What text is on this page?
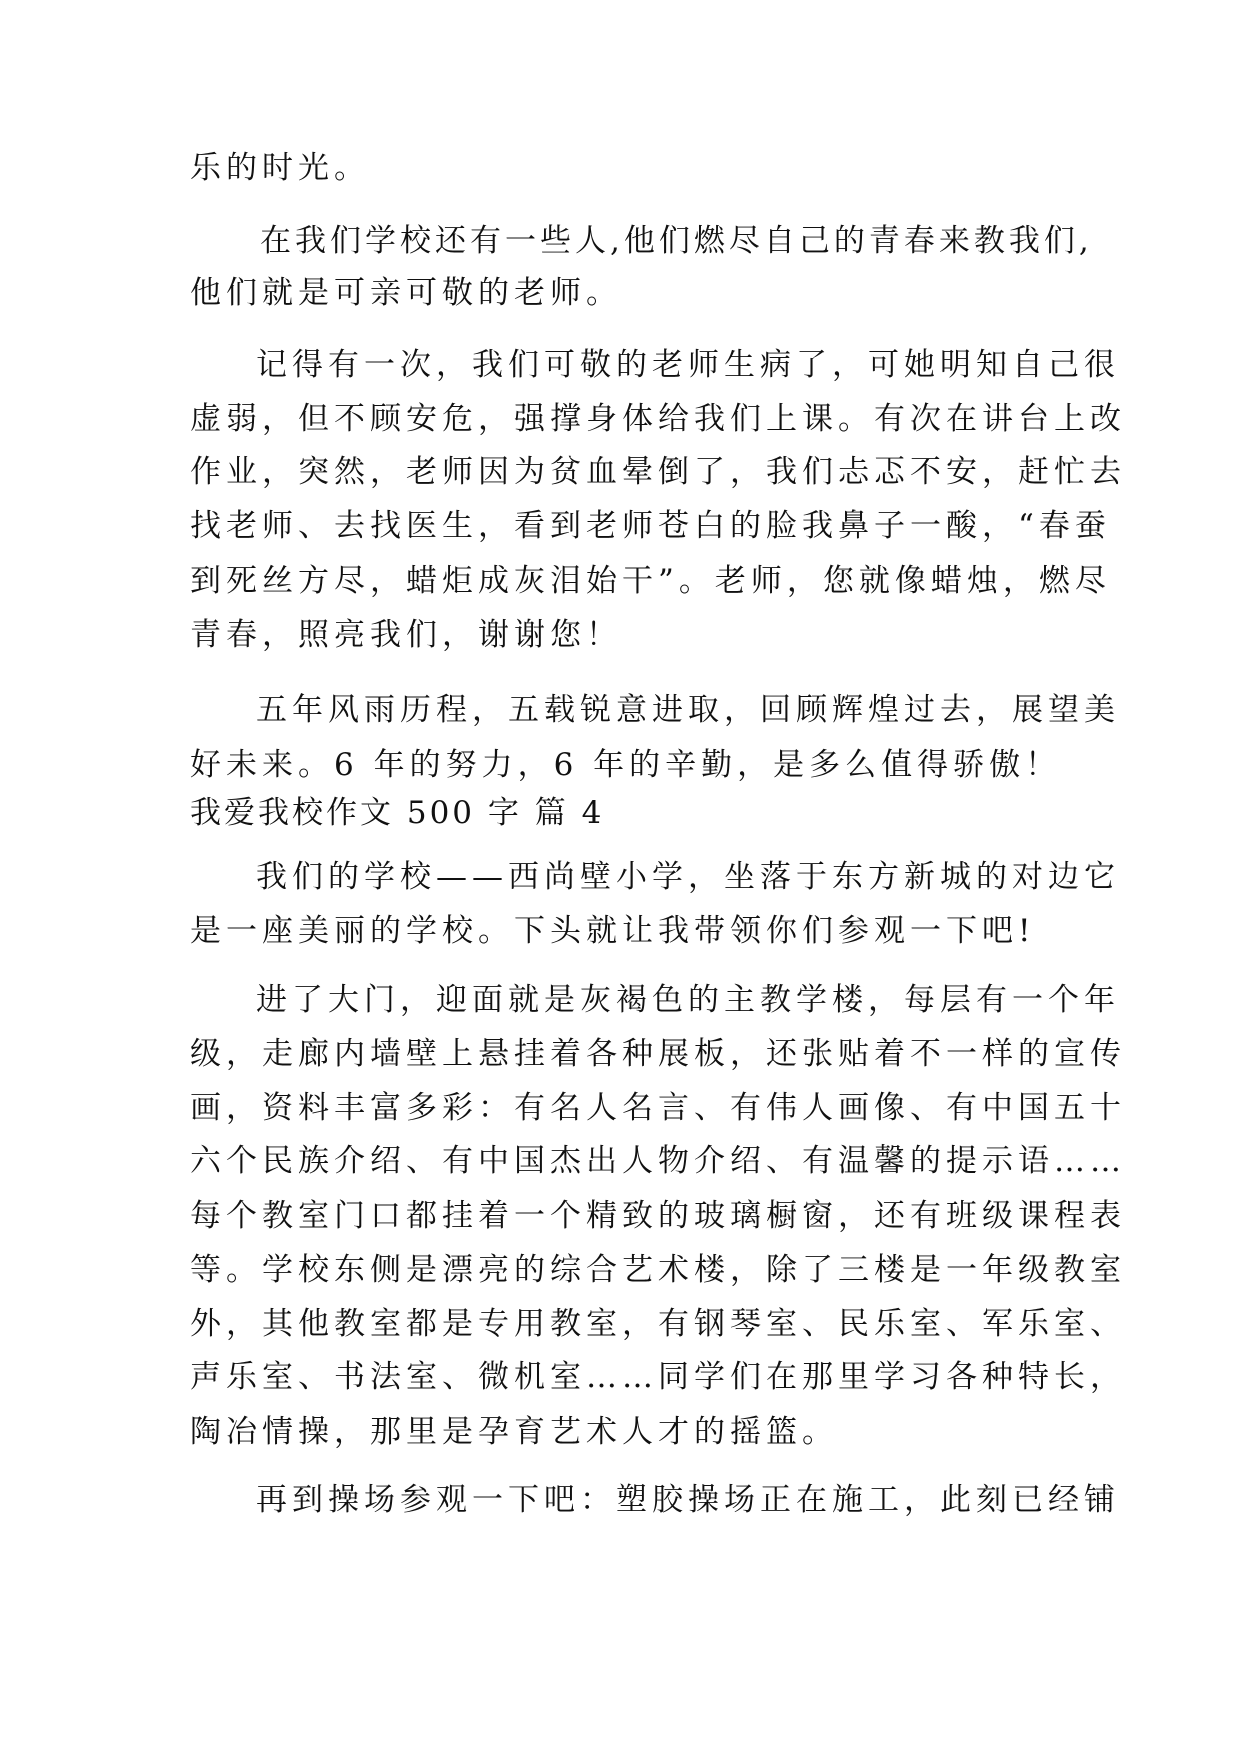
乐的时光。

在我们学校还有一些人,他们燃尽自己的青春来教我们,

他们就是可亲可敬的老师。

记得有一次，我们可敬的老师生病了，可她明知自己很

虚弱，但不顾安危，强撑身体给我们上课。有次在讲台上改

作业，突然，老师因为贫血晕倒了，我们忐忑不安，赶忙去

找老师、去找医生，看到老师苍白的脸我鼻子一酸，“春蚕

到死丝方尽，蜡炬成灰泪始干”。老师，您就像蜡烛，燃尽

青春，照亮我们，谢谢您！

五年风雨历程，五载锐意进取，回顾辉煌过去，展望美

好未来。6 年的努力，6 年的辛勤，是多么值得骄傲！

我爱我校作文 500 字 篇 4

我们的学校——西尚壁小学，坐落于东方新城的对边它

是一座美丽的学校。下头就让我带领你们参观一下吧!

进了大门，迎面就是灰褐色的主教学楼，每层有一个年

级，走廊内墙壁上悬挂着各种展板，还张贴着不一样的宣传

画，资料丰富多彩：有名人名言、有伟人画像、有中国五十

六个民族介绍、有中国杰出人物介绍、有温馨的提示语……

每个教室门口都挂着一个精致的玻璃橱窗，还有班级课程表

等。学校东侧是漂亮的综合艺术楼，除了三楼是一年级教室

外，其他教室都是专用教室，有钢琴室、民乐室、军乐室、

声乐室、书法室、微机室……同学们在那里学习各种特长，

陶冶情操，那里是孕育艺术人才的摇篮。

再到操场参观一下吧：塑胶操场正在施工，此刻已经铺
